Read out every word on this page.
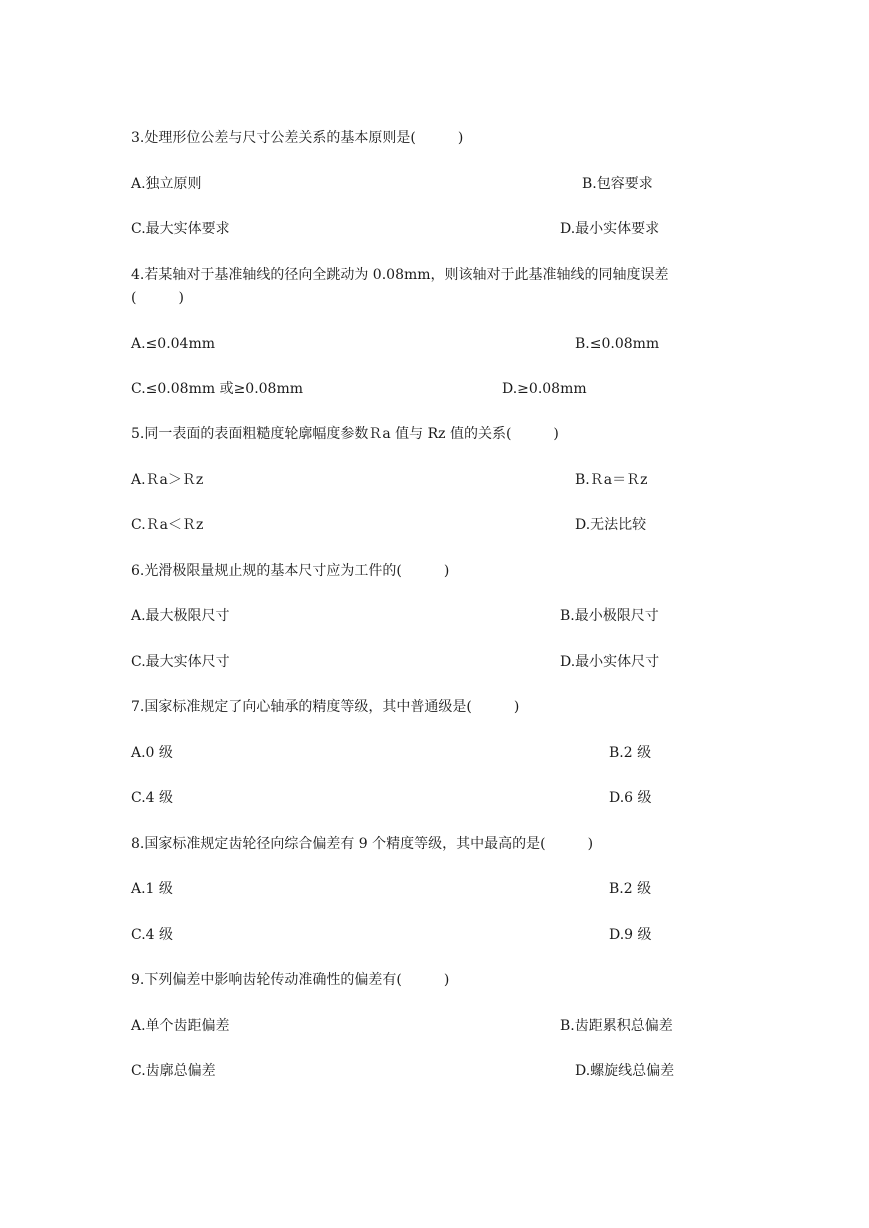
3.处理形位公差与尺寸公差关系的基本原则是(　　　)
A.独立原则	B.包容要求
C.最大实体要求	D.最小实体要求
4.若某轴对于基准轴线的径向全跳动为 0.08mm，则该轴对于此基准轴线的同轴度误差
(　　　)
A.≤0.04mm	B.≤0.08mm
C.≤0.08mm 或≥0.08mm	D.≥0.08mm
5.同一表面的表面粗糙度轮廓幅度参数Ｒa 值与 Rz 值的关系(　　　)
A.Ｒa＞Ｒz	B.Ｒa＝Ｒz
C.Ｒa＜Ｒz	D.无法比较
6.光滑极限量规止规的基本尺寸应为工件的(　　　)
A.最大极限尺寸	B.最小极限尺寸
C.最大实体尺寸	D.最小实体尺寸
7.国家标准规定了向心轴承的精度等级，其中普通级是(　　　)
A.0 级	B.2 级
C.4 级	D.6 级
8.国家标准规定齿轮径向综合偏差有 9 个精度等级，其中最高的是(　　　)
A.1 级	B.2 级
C.4 级	D.9 级
9.下列偏差中影响齿轮传动准确性的偏差有(　　　)
A.单个齿距偏差	B.齿距累积总偏差
C.齿廓总偏差	D.螺旋线总偏差
